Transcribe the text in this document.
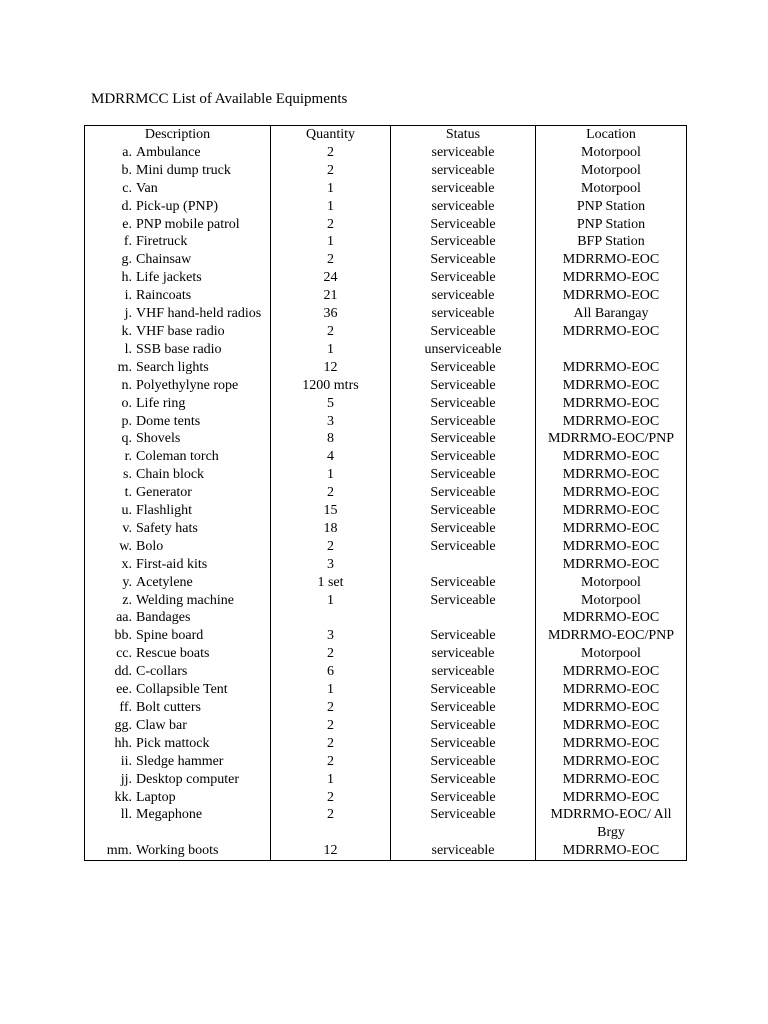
MDRRMCC List of Available Equipments
Description	Quantity	Status	Location

a. Ambulance	2	serviceable	Motorpool

b. Mini dump truck	2	serviceable	Motorpool

c. Van	1	serviceable	Motorpool

d. Pick-up (PNP)	1	serviceable	PNP Station

e. PNP mobile patrol	2	Serviceable	PNP Station

f. Firetruck	1	Serviceable	BFP Station

g. Chainsaw	2	Serviceable	MDRRMO-EOC

h. Life jackets	24	Serviceable	MDRRMO-EOC

i. Raincoats	21	serviceable	MDRRMO-EOC

j. VHF hand-held radios	36	serviceable	All Barangay

k. VHF base radio	2	Serviceable	MDRRMO-EOC

l. SSB base radio	1	unserviceable	

m. Search lights	12	Serviceable	MDRRMO-EOC

n. Polyethylyne rope	1200 mtrs	Serviceable	MDRRMO-EOC

o. Life ring	5	Serviceable	MDRRMO-EOC

p. Dome tents	3	Serviceable	MDRRMO-EOC

q. Shovels	8	Serviceable	MDRRMO-EOC/PNP

r. Coleman torch	4	Serviceable	MDRRMO-EOC

s. Chain block	1	Serviceable	MDRRMO-EOC

t. Generator	2	Serviceable	MDRRMO-EOC

u. Flashlight	15	Serviceable	MDRRMO-EOC

v. Safety hats	18	Serviceable	MDRRMO-EOC

w. Bolo	2	Serviceable	MDRRMO-EOC

x. First-aid kits	3		MDRRMO-EOC

y. Acetylene	1 set	Serviceable	Motorpool

z. Welding machine	1	Serviceable	Motorpool

aa. Bandages			MDRRMO-EOC

bb. Spine board	3	Serviceable	MDRRMO-EOC/PNP

cc. Rescue boats	2	serviceable	Motorpool

dd. C-collars	6	serviceable	MDRRMO-EOC

ee. Collapsible Tent	1	Serviceable	MDRRMO-EOC

ff. Bolt cutters	2	Serviceable	MDRRMO-EOC

gg. Claw bar	2	Serviceable	MDRRMO-EOC

hh. Pick mattock	2	Serviceable	MDRRMO-EOC

ii. Sledge hammer	2	Serviceable	MDRRMO-EOC

jj. Desktop computer	1	Serviceable	MDRRMO-EOC

kk. Laptop	2	Serviceable	MDRRMO-EOC

ll. Megaphone	2	Serviceable	MDRRMO-EOC/ All Brgy

mm. Working boots	12	serviceable	MDRRMO-EOC
